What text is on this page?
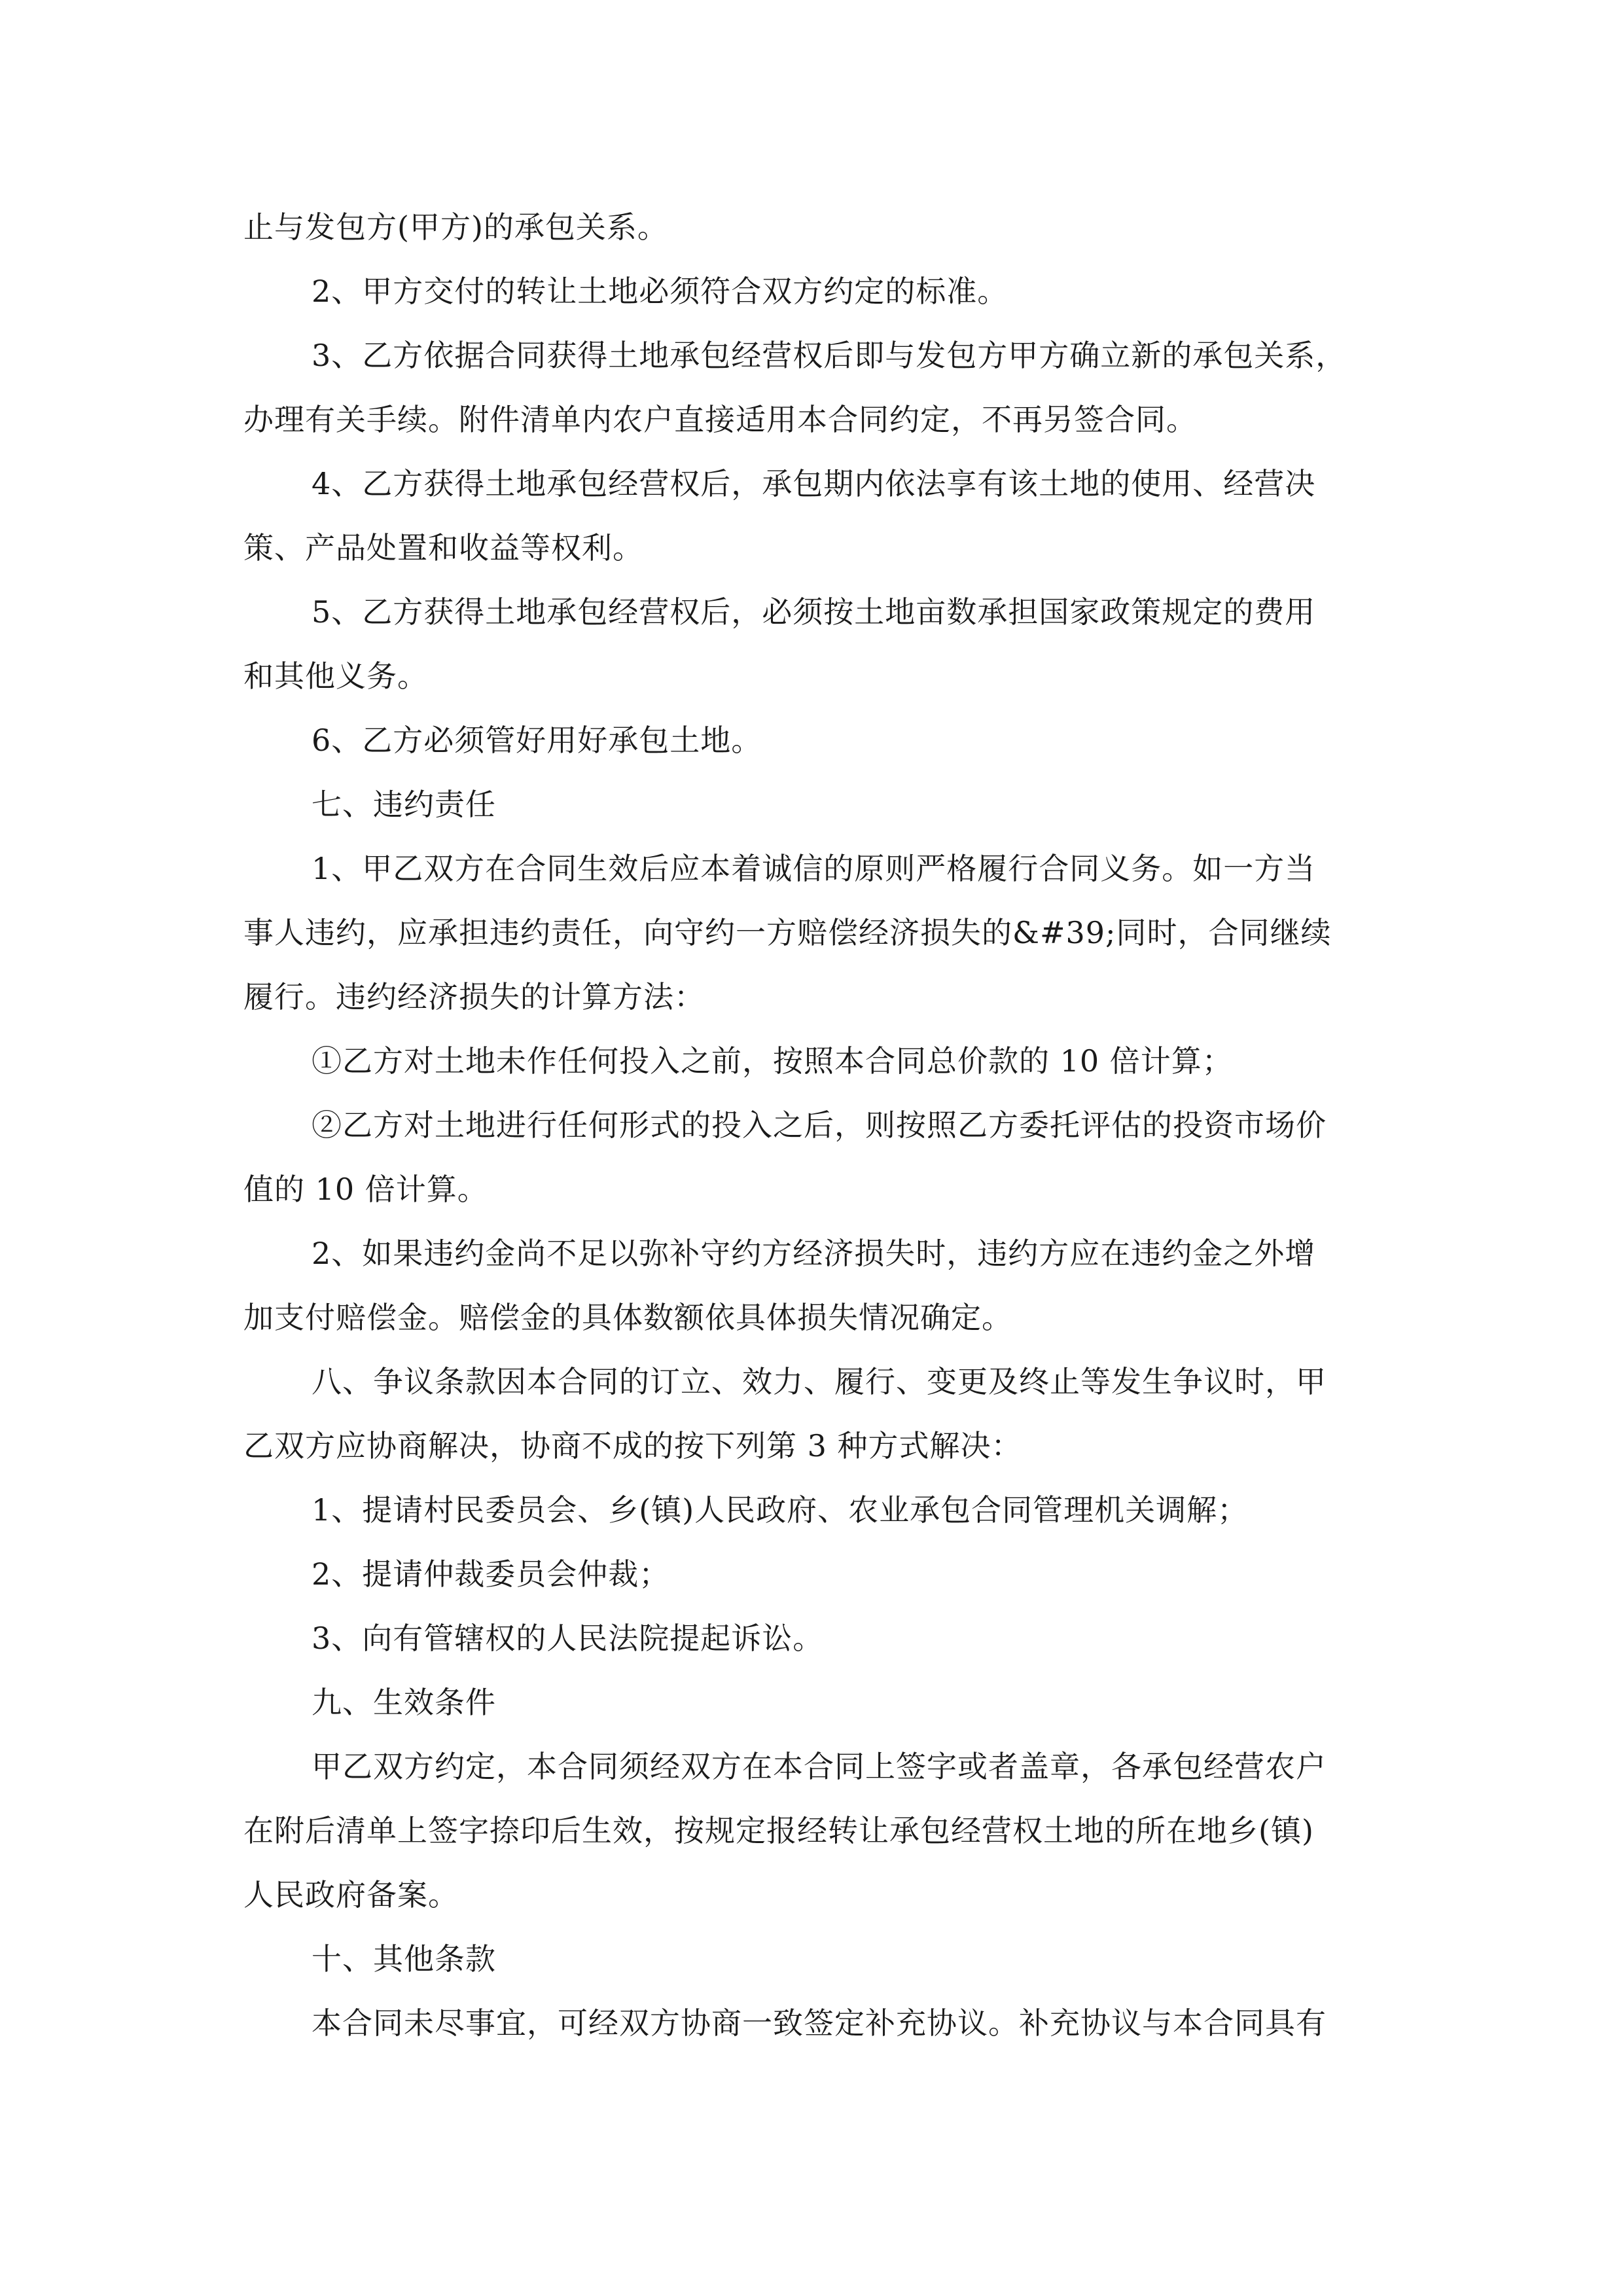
止与发包方(甲方)的承包关系。
2、甲方交付的转让土地必须符合双方约定的标准。
3、乙方依据合同获得土地承包经营权后即与发包方甲方确立新的承包关系，
办理有关手续。附件清单内农户直接适用本合同约定，不再另签合同。
4、乙方获得土地承包经营权后，承包期内依法享有该土地的使用、经营决
策、产品处置和收益等权利。
5、乙方获得土地承包经营权后，必须按土地亩数承担国家政策规定的费用
和其他义务。
6、乙方必须管好用好承包土地。
七、违约责任
1、甲乙双方在合同生效后应本着诚信的原则严格履行合同义务。如一方当
事人违约，应承担违约责任，向守约一方赔偿经济损失的&#39;同时，合同继续
履行。违约经济损失的计算方法：
①乙方对土地未作任何投入之前，按照本合同总价款的 10 倍计算；
②乙方对土地进行任何形式的投入之后，则按照乙方委托评估的投资市场价
值的 10 倍计算。
2、如果违约金尚不足以弥补守约方经济损失时，违约方应在违约金之外增
加支付赔偿金。赔偿金的具体数额依具体损失情况确定。
八、争议条款因本合同的订立、效力、履行、变更及终止等发生争议时，甲
乙双方应协商解决，协商不成的按下列第 3 种方式解决：
1、提请村民委员会、乡(镇)人民政府、农业承包合同管理机关调解；
2、提请仲裁委员会仲裁；
3、向有管辖权的人民法院提起诉讼。
九、生效条件
甲乙双方约定，本合同须经双方在本合同上签字或者盖章，各承包经营农户
在附后清单上签字捺印后生效，按规定报经转让承包经营权土地的所在地乡(镇)
人民政府备案。
十、其他条款
本合同未尽事宜，可经双方协商一致签定补充协议。补充协议与本合同具有
